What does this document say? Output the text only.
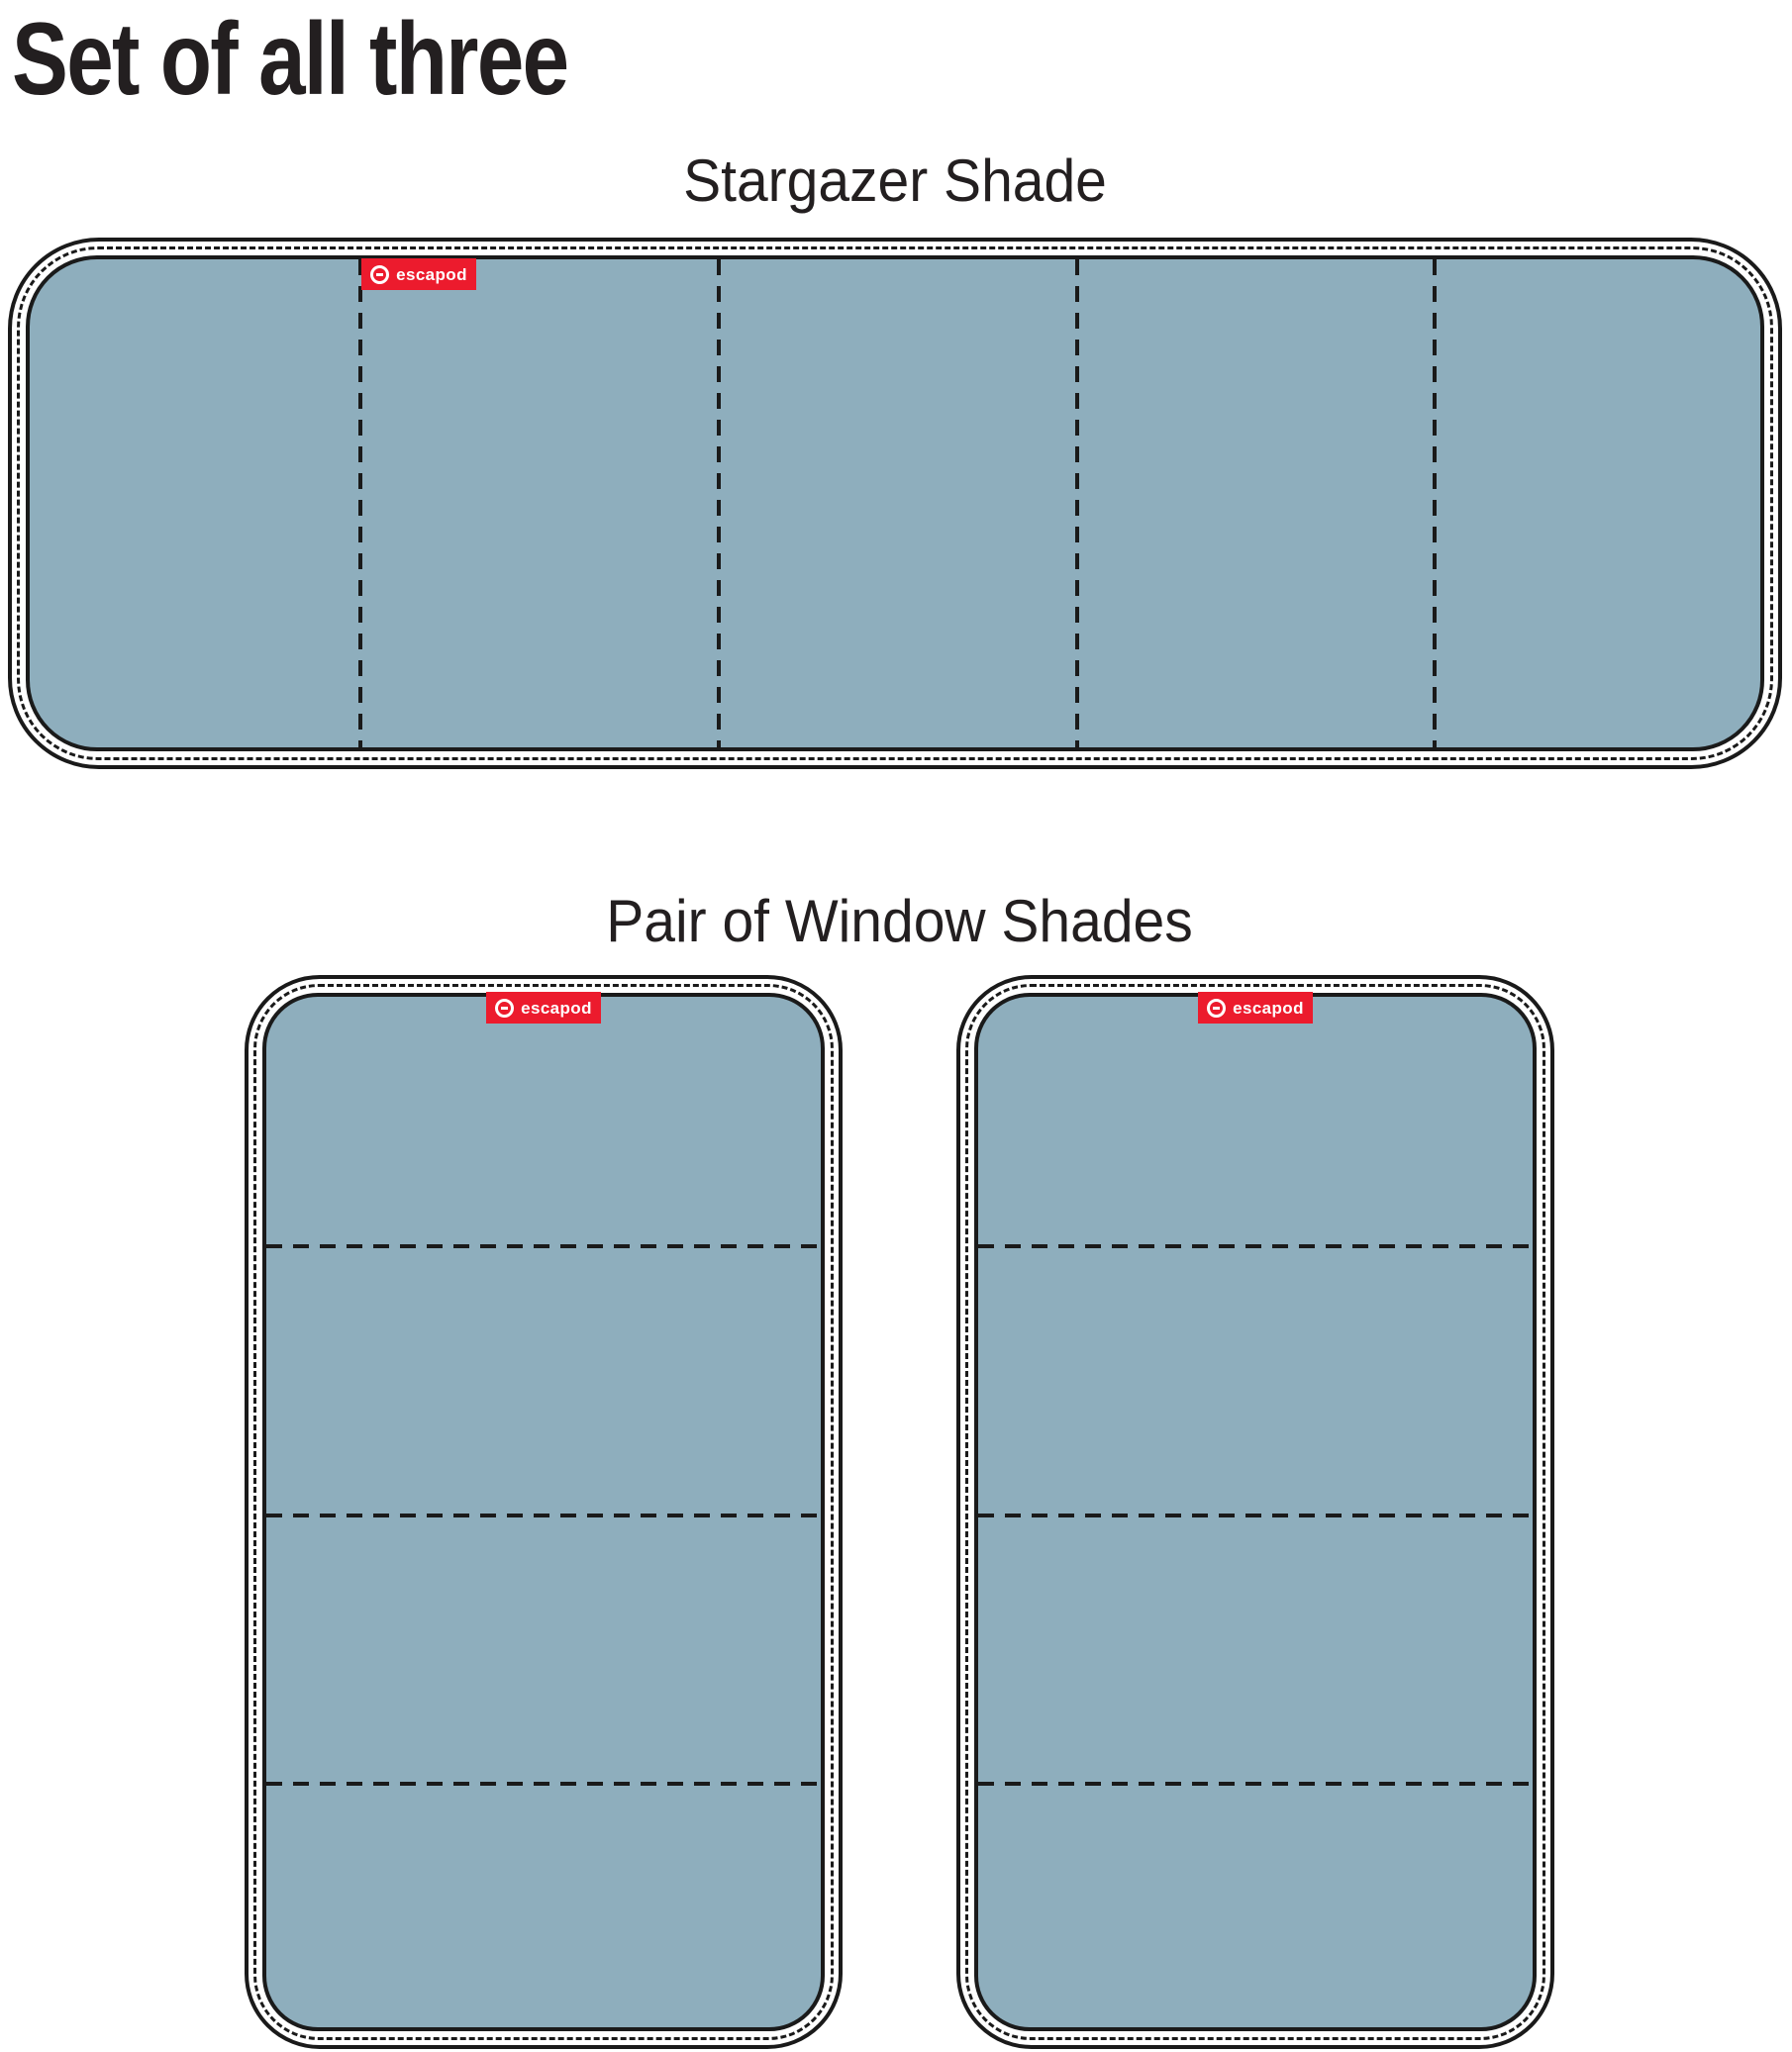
Set of all three
Stargazer Shade
escapod
Pair of Window Shades
escapod	escapod
